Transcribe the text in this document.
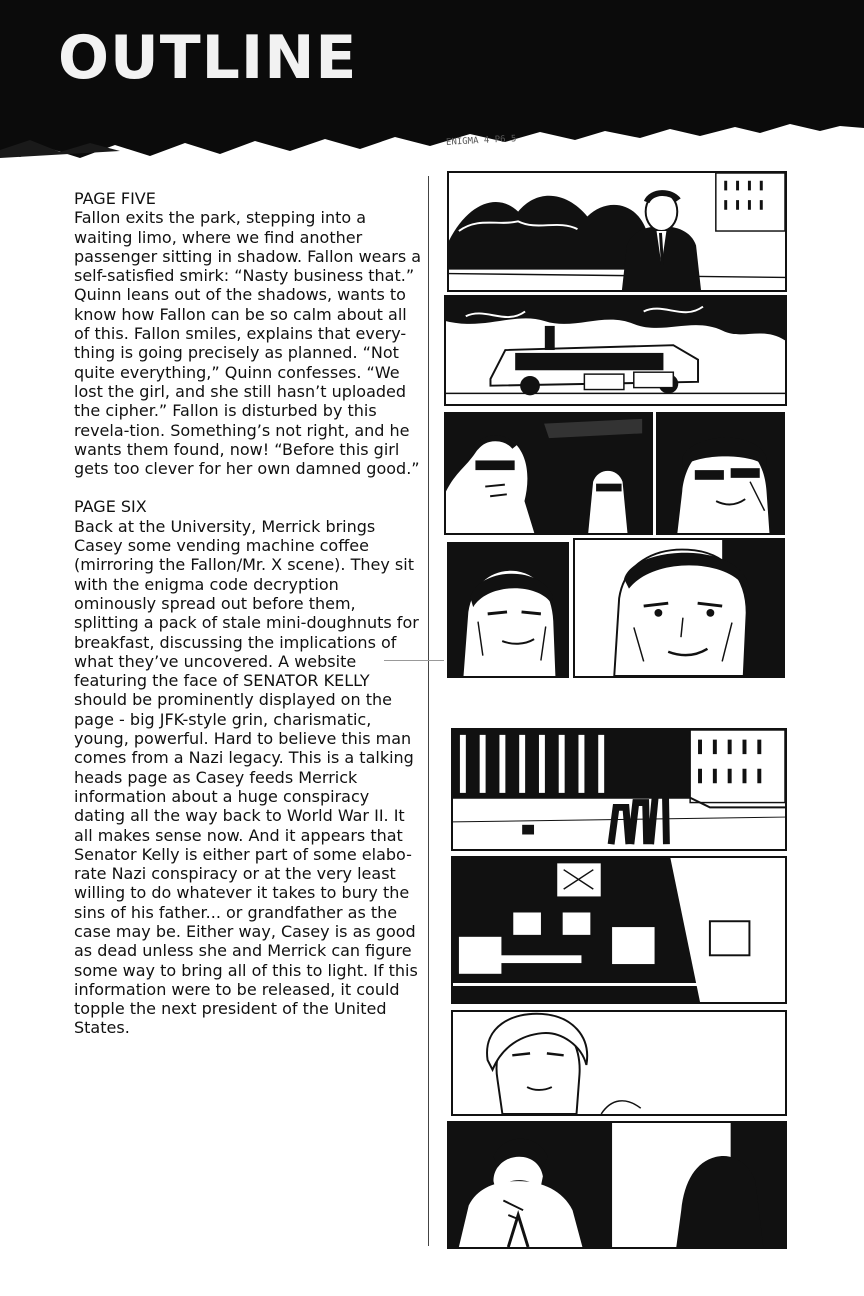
OUTLINE
ENIGMA 4 P6 5
PAGE FIVE

Fallon exits the park, stepping into a waiting limo, where we find another passenger sitting in shadow. Fallon wears a self-satisfied smirk: “Nasty business that.” Quinn leans out of the shadows, wants to know how Fallon can be so calm about all of this. Fallon smiles, explains that every-thing is going precisely as planned. “Not quite everything,” Quinn confesses. “We lost the girl, and she still hasn’t uploaded the cipher.” Fallon is disturbed by this revela-tion. Something’s not right, and he wants them found, now! “Before this girl gets too clever for her own damned good.”

PAGE SIX

Back at the University, Merrick brings Casey some vending machine coffee (mirroring the Fallon/Mr. X scene). They sit with the enigma code decryption ominously spread out before them, splitting a pack of stale mini-doughnuts for breakfast, discussing the implications of what they’ve uncovered. A website featuring the face of SENATOR KELLY should be prominently displayed on the page - big JFK-style grin, charismatic, young, powerful. Hard to believe this man comes from a Nazi legacy. This is a talking heads page as Casey feeds Merrick information about a huge conspiracy dating all the way back to World War II. It all makes sense now. And it appears that Senator Kelly is either part of some elabo-rate Nazi conspiracy or at the very least willing to do whatever it takes to bury the sins of his father... or grandfather as the case may be. Either way, Casey is as good as dead unless she and Merrick can figure some way to bring all of this to light. If this information were to be released, it could topple the next president of the United States.
